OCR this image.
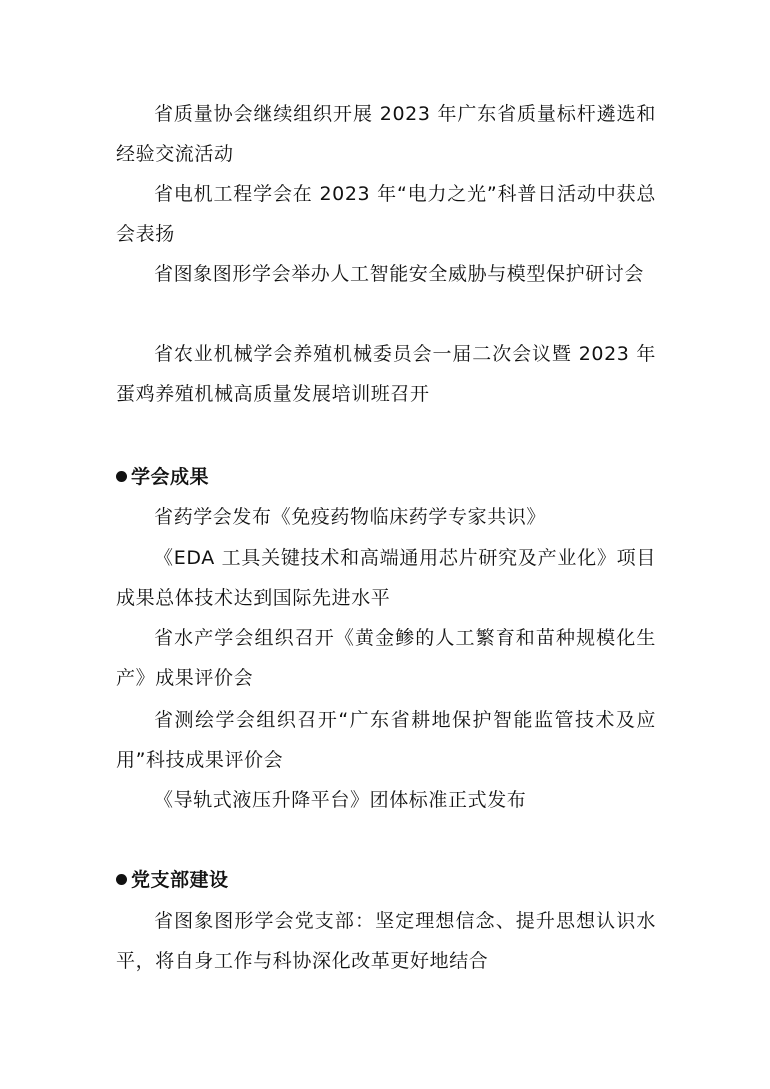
省质量协会继续组织开展 2023 年广东省质量标杆遴选和经验交流活动

省电机工程学会在 2023 年“电力之光”科普日活动中获总会表扬

省图象图形学会举办人工智能安全威胁与模型保护研讨会

省农业机械学会养殖机械委员会一届二次会议暨 2023 年蛋鸡养殖机械高质量发展培训班召开

学会成果

省药学会发布《免疫药物临床药学专家共识》

《EDA 工具关键技术和高端通用芯片研究及产业化》项目成果总体技术达到国际先进水平

省水产学会组织召开《黄金鲹的人工繁育和苗种规模化生产》成果评价会

省测绘学会组织召开“广东省耕地保护智能监管技术及应用”科技成果评价会

《导轨式液压升降平台》团体标准正式发布

党支部建设

省图象图形学会党支部：坚定理想信念、提升思想认识水平，将自身工作与科协深化改革更好地结合
